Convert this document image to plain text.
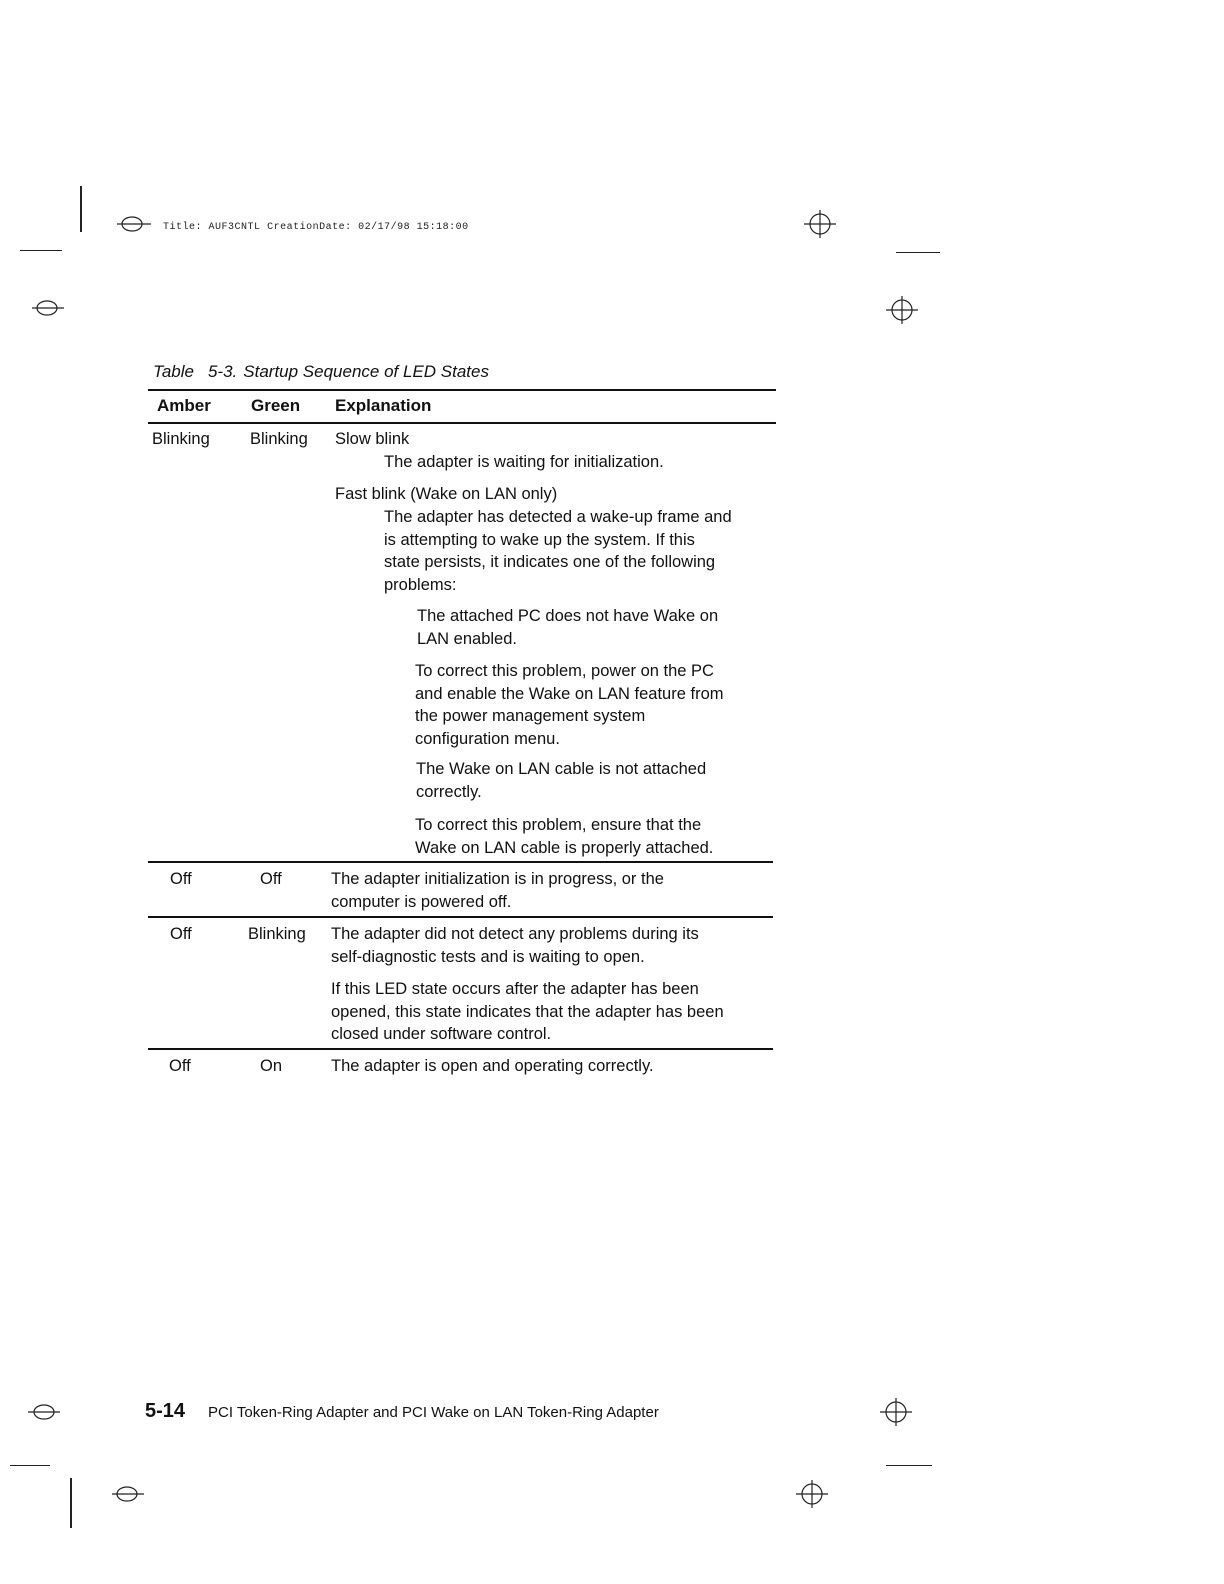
Title: AUF3CNTL CreationDate: 02/17/98 15:18:00
Table 5-3. Startup Sequence of LED States
Amber Green Explanation
Blinking Blinking Slow blink
The adapter is waiting for initialization.
Fast blink (Wake on LAN only)
The adapter has detected a wake-up frame and
is attempting to wake up the system. If this
state persists, it indicates one of the following
problems:
The attached PC does not have Wake on
LAN enabled.
To correct this problem, power on the PC
and enable the Wake on LAN feature from
the power management system
configuration menu.
The Wake on LAN cable is not attached
correctly.
To correct this problem, ensure that the
Wake on LAN cable is properly attached.
Off	Off	The adapter initialization is in progress, or the
computer is powered off.
Off	Blinking The adapter did not detect any problems during its
self-diagnostic tests and is waiting to open.
If this LED state occurs after the adapter has been
opened, this state indicates that the adapter has been
closed under software control.
Off	On	The adapter is open and operating correctly.
5-14 PCI Token-Ring Adapter and PCI Wake on LAN Token-Ring Adapter
